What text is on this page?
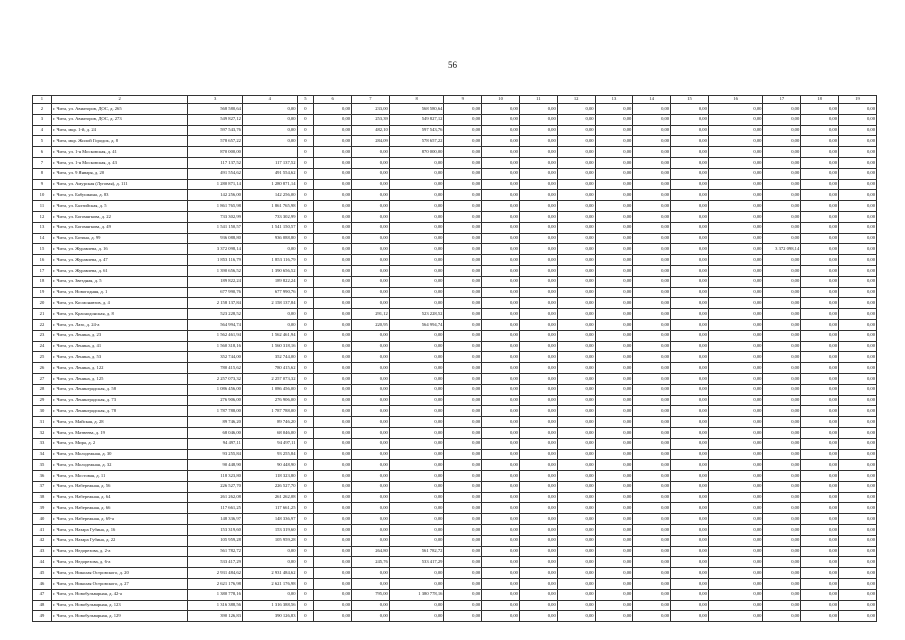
56
1	2	3	4	5	6	7	8	9	10	11	12	13	14	15	16	17	18	19
2	г. Чита, ул. Авиаторов, ДОС, д. 265	568 580,64	0,00	0	0,00	233,00	568 580,64	0,00	0,00	0,00	0,00	0,00	0,00	0,00	0,00	0,00	0,00	0,00
3	г. Чита, ул. Авиаторов, ДОС, д. 273	549 827,12	0,00	0	0,00	253,39	549 827,12	0,00	0,00	0,00	0,00	0,00	0,00	0,00	0,00	0,00	0,00	0,00
4	г. Чита, мкр. 1-й, д. 24	597 543,76	0,00	0	0,00	482,10	597 543,76	0,00	0,00	0,00	0,00	0,00	0,00	0,00	0,00	0,00	0,00	0,00
5	г. Чита, мкр. Жилой Городок, д. 8	578 657,22	0,00	0	0,00	284,09	578 657,22	0,00	0,00	0,00	0,00	0,00	0,00	0,00	0,00	0,00	0,00	0,00
6	г. Чита, ул. 1-я Московская, д. 41	870 000,00		0	0,00	0,00	870 000,00	0,00	0,00	0,00	0,00	0,00	0,00	0,00	0,00	0,00	0,00	0,00
7	г. Чита, ул. 1-я Московская, д. 43	117 137,52	117 137,52	0	0,00	0,00	0,00	0,00	0,00	0,00	0,00	0,00	0,00	0,00	0,00	0,00	0,00	0,00
8	г. Чита, ул. 9 Января, д. 20	491 554,62	491 554,62	0	0,00	0,00	0,00	0,00	0,00	0,00	0,00	0,00	0,00	0,00	0,00	0,00	0,00	0,00
9	г. Чита, ул. Амурская (Луговая), д. 111	1 280 871,14	1 280 871,14	0	0,00	0,00	0,00	0,00	0,00	0,00	0,00	0,00	0,00	0,00	0,00	0,00	0,00	0,00
10	г. Чита, ул. Бабушкина, д. 83	142 256,00	142 256,00	0	0,00	0,00	0,00	0,00	0,00	0,00	0,00	0,00	0,00	0,00	0,00	0,00	0,00	0,00
11	г. Чита, ул. Балтийская, д. 5	1 861 765,98	1 861 765,98	0	0,00	0,00	0,00	0,00	0,00	0,00	0,00	0,00	0,00	0,00	0,00	0,00	0,00	0,00
12	г. Чита, ул. Богомягкова, д. 22	733 302,99	733 302,99	0	0,00	0,00	0,00	0,00	0,00	0,00	0,00	0,00	0,00	0,00	0,00	0,00	0,00	0,00
13	г. Чита, ул. Богомягкова, д. 49	1 541 150,57	1 541 150,57	0	0,00	0,00	0,00	0,00	0,00	0,00	0,00	0,00	0,00	0,00	0,00	0,00	0,00	0,00
14	г. Чита, ул. Ботина, д. 99	936 088,80	936 088,80	0	0,00	0,00	0,00	0,00	0,00	0,00	0,00	0,00	0,00	0,00	0,00	0,00	0,00	0,00
15	г. Чита, ул. Журавлева, д. 16	3 372 098,14	0,00	0	0,00	0,00	0,00	0,00	0,00	0,00	0,00	0,00	0,00	0,00	0,00	3 372 098,14	0,00	0,00
16	г. Чита, ул. Журавлева, д. 47	1 853 116,79	1 853 116,79	0	0,00	0,00	0,00	0,00	0,00	0,00	0,00	0,00	0,00	0,00	0,00	0,00	0,00	0,00
17	г. Чита, ул. Журавлева, д. 61	1 390 656,52	1 390 656,52	0	0,00	0,00	0,00	0,00	0,00	0,00	0,00	0,00	0,00	0,00	0,00	0,00	0,00	0,00
18	г. Чита, ул. Звездная, д. 5	189 822,24	189 822,24	0	0,00	0,00	0,00	0,00	0,00	0,00	0,00	0,00	0,00	0,00	0,00	0,00	0,00	0,00
19	г. Чита, ул. Новогодняя, д. 1	677 990,76	677 990,76	0	0,00	0,00	0,00	0,00	0,00	0,00	0,00	0,00	0,00	0,00	0,00	0,00	0,00	0,00
20	г. Чита, ул. Космонавтов, д. 4	2 158 137,84	2 158 137,84	0	0,00	0,00	0,00	0,00	0,00	0,00	0,00	0,00	0,00	0,00	0,00	0,00	0,00	0,00
21	г. Чита, ул. Краснодонская, д. 8	523 228,52	0,00	0	0,00	291,12	523 228,52	0,00	0,00	0,00	0,00	0,00	0,00	0,00	0,00	0,00	0,00	0,00
22	г. Чита, ул. Лазо, д. 24-а	564 994,74	0,00	0	0,00	220,95	564 994,74	0,00	0,00	0,00	0,00	0,00	0,00	0,00	0,00	0,00	0,00	0,00
23	г. Чита, ул. Ленина, д. 23	1 562 461,94	1 562 461,94	0	0,00	0,00	0,00	0,00	0,00	0,00	0,00	0,00	0,00	0,00	0,00	0,00	0,00	0,00
24	г. Чита, ул. Ленина, д. 41	1 560 318,16	1 560 318,16	0	0,00	0,00	0,00	0,00	0,00	0,00	0,00	0,00	0,00	0,00	0,00	0,00	0,00	0,00
25	г. Чита, ул. Ленина, д. 53	352 744,00	352 744,00	0	0,00	0,00	0,00	0,00	0,00	0,00	0,00	0,00	0,00	0,00	0,00	0,00	0,00	0,00
26	г. Чита, ул. Ленина, д. 122	780 415,62	780 415,62	0	0,00	0,00	0,00	0,00	0,00	0,00	0,00	0,00	0,00	0,00	0,00	0,00	0,00	0,00
27	г. Чита, ул. Ленина, д. 125	2 257 073,32	2 257 073,32	0	0,00	0,00	0,00	0,00	0,00	0,00	0,00	0,00	0,00	0,00	0,00	0,00	0,00	0,00
28	г. Чита, ул. Ленинградская, д. 58	1 086 456,00	1 086 456,00	0	0,00	0,00	0,00	0,00	0,00	0,00	0,00	0,00	0,00	0,00	0,00	0,00	0,00	0,00
29	г. Чита, ул. Ленинградская, д. 73	276 906,00	276 906,00	0	0,00	0,00	0,00	0,00	0,00	0,00	0,00	0,00	0,00	0,00	0,00	0,00	0,00	0,00
30	г. Чита, ул. Ленинградская, д. 78	1 787 788,00	1 787 788,00	0	0,00	0,00	0,00	0,00	0,00	0,00	0,00	0,00	0,00	0,00	0,00	0,00	0,00	0,00
31	г. Чита, ул. Майская, д. 28	89 746,20	89 746,20	0	0,00	0,00	0,00	0,00	0,00	0,00	0,00	0,00	0,00	0,00	0,00	0,00	0,00	0,00
32	г. Чита, ул. Матвеева, д. 19	68 046,00	68 046,00	0	0,00	0,00	0,00	0,00	0,00	0,00	0,00	0,00	0,00	0,00	0,00	0,00	0,00	0,00
33	г. Чита, ул. Мира, д. 2	94 497,11	94 497,11	0	0,00	0,00	0,00	0,00	0,00	0,00	0,00	0,00	0,00	0,00	0,00	0,00	0,00	0,00
34	г. Чита, ул. Молодежная, д. 30	93 255,84	93 255,84	0	0,00	0,00	0,00	0,00	0,00	0,00	0,00	0,00	0,00	0,00	0,00	0,00	0,00	0,00
35	г. Чита, ул. Молодежная, д. 32	90 448,90	90 448,90	0	0,00	0,00	0,00	0,00	0,00	0,00	0,00	0,00	0,00	0,00	0,00	0,00	0,00	0,00
36	г. Чита, ул. Мостовая, д. 11	118 323,80	118 323,80	0	0,00	0,00	0,00	0,00	0,00	0,00	0,00	0,00	0,00	0,00	0,00	0,00	0,00	0,00
37	г. Чита, ул. Набережная, д. 56	226 527,70	226 527,70	0	0,00	0,00	0,00	0,00	0,00	0,00	0,00	0,00	0,00	0,00	0,00	0,00	0,00	0,00
38	г. Чита, ул. Набережная, д. 64	261 262,08	261 262,08	0	0,00	0,00	0,00	0,00	0,00	0,00	0,00	0,00	0,00	0,00	0,00	0,00	0,00	0,00
39	г. Чита, ул. Набережная, д. 66	117 661,25	117 661,25	0	0,00	0,00	0,00	0,00	0,00	0,00	0,00	0,00	0,00	0,00	0,00	0,00	0,00	0,00
40	г. Чита, ул. Набережная, д. 69-а	148 336,97	148 336,97	0	0,00	0,00	0,00	0,00	0,00	0,00	0,00	0,00	0,00	0,00	0,00	0,00	0,00	0,00
41	г. Чита, ул. Назара Губина, д. 16	153 319,60	153 319,60	0	0,00	0,00	0,00	0,00	0,00	0,00	0,00	0,00	0,00	0,00	0,00	0,00	0,00	0,00
42	г. Чита, ул. Назара Губина, д. 22	105 959,28	105 959,28	0	0,00	0,00	0,00	0,00	0,00	0,00	0,00	0,00	0,00	0,00	0,00	0,00	0,00	0,00
43	г. Чита, ул. Недорезова, д. 2-а	561 782,72	0,00	0	0,00	264,80	561 782,72	0,00	0,00	0,00	0,00	0,00	0,00	0,00	0,00	0,00	0,00	0,00
44	г. Чита, ул. Недорезова, д. 6-а	533 417,29	0,00	0	0,00	245,76	533 417,29	0,00	0,00	0,00	0,00	0,00	0,00	0,00	0,00	0,00	0,00	0,00
45	г. Чита, ул. Николая Островского, д. 20	2 931 484,62	2 931 484,62	0	0,00	0,00	0,00	0,00	0,00	0,00	0,00	0,00	0,00	0,00	0,00	0,00	0,00	0,00
46	г. Чита, ул. Николая Островского, д. 27	2 621 176,98	2 621 176,98	0	0,00	0,00	0,00	0,00	0,00	0,00	0,00	0,00	0,00	0,00	0,00	0,00	0,00	0,00
47	г. Чита, ул. Новобульварная, д. 42-а	1 380 778,16	0,00	0	0,00	795,00	1 380 778,16	0,00	0,00	0,00	0,00	0,00	0,00	0,00	0,00	0,00	0,00	0,00
48	г. Чита, ул. Новобульварная, д. 123	1 316 388,56	1 316 388,56	0	0,00	0,00	0,00	0,00	0,00	0,00	0,00	0,00	0,00	0,00	0,00	0,00	0,00	0,00
49	г. Чита, ул. Новобульварная, д. 129	390 126,83	390 126,83	0	0,00	0,00	0,00	0,00	0,00	0,00	0,00	0,00	0,00	0,00	0,00	0,00	0,00	0,00
